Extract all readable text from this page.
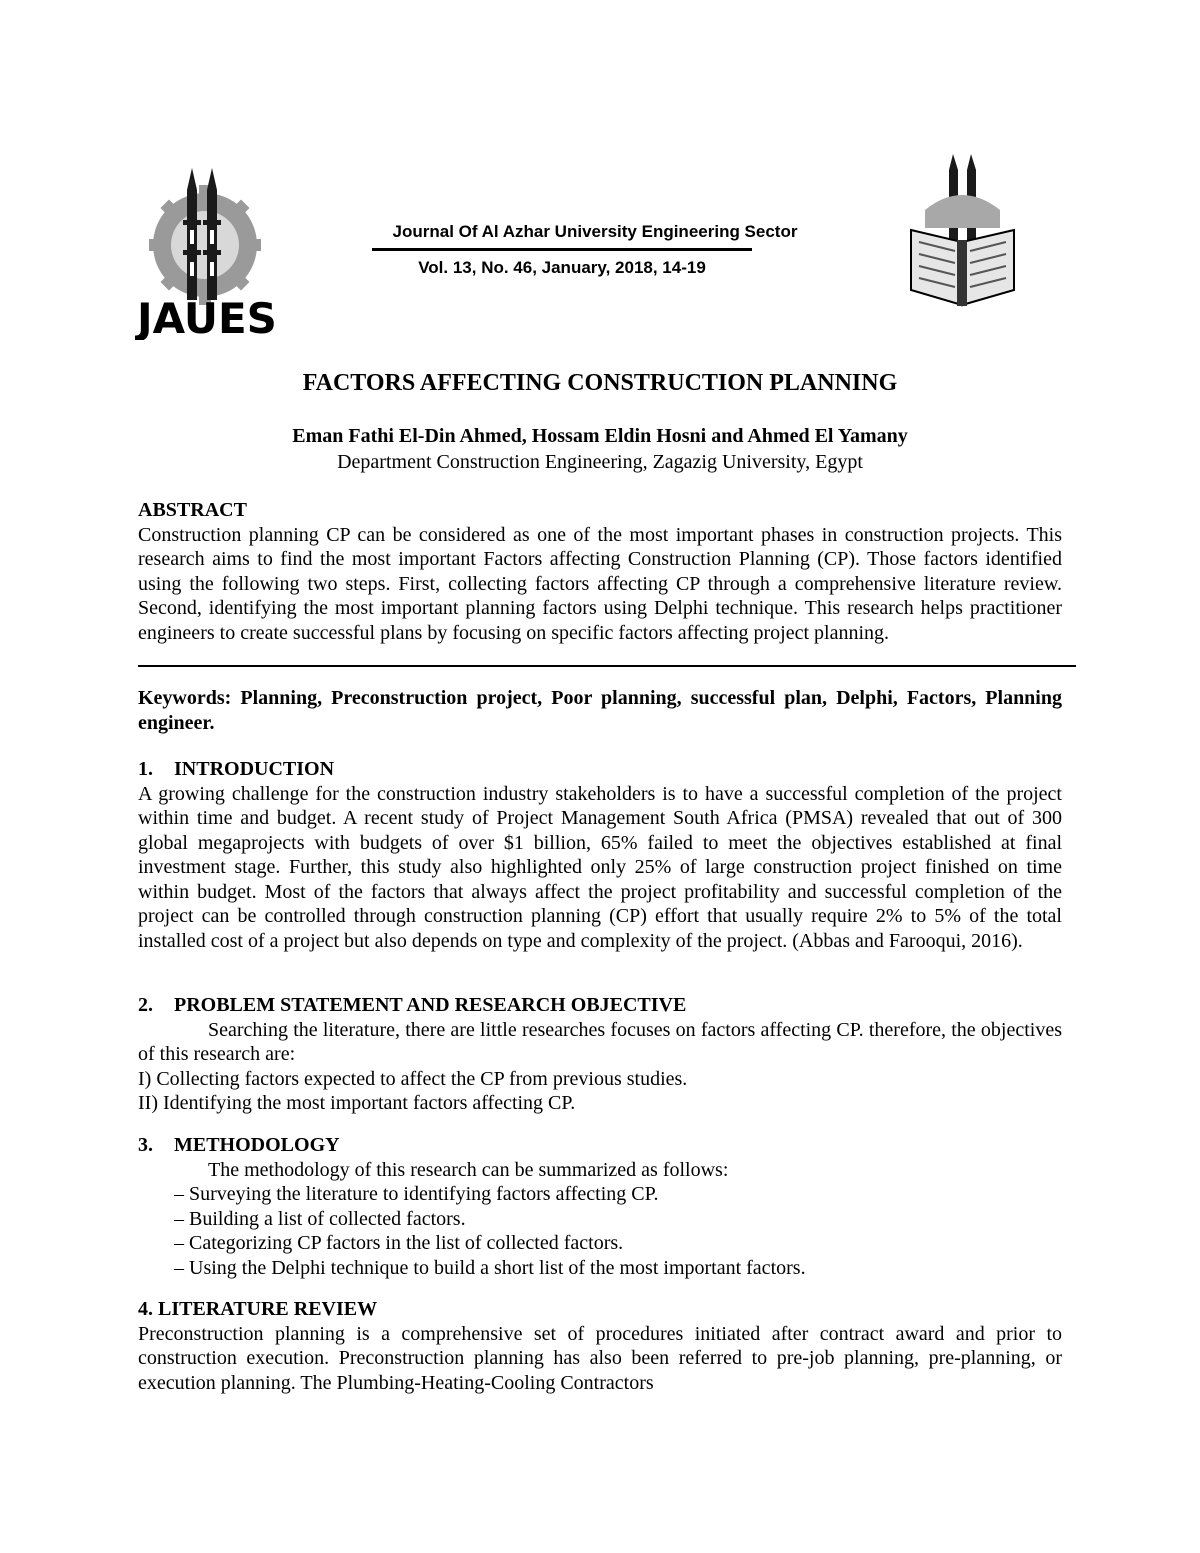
JAUES
Journal Of Al Azhar University Engineering Sector
Vol. 13, No. 46, January, 2018, 14-19
FACTORS AFFECTING CONSTRUCTION PLANNING
Eman Fathi El-Din Ahmed, Hossam Eldin Hosni and Ahmed El Yamany
Department Construction Engineering, Zagazig University, Egypt
ABSTRACT

Construction planning CP can be considered as one of the most important phases in construction projects. This research aims to find the most important Factors affecting Construction Planning (CP). Those factors identified using the following two steps. First, collecting factors affecting CP through a comprehensive literature review. Second, identifying the most important planning factors using Delphi technique. This research helps practitioner engineers to create successful plans by focusing on specific factors affecting project planning.

Keywords: Planning, Preconstruction project, Poor planning, successful plan, Delphi, Factors, Planning engineer.
1. INTRODUCTION

A growing challenge for the construction industry stakeholders is to have a successful completion of the project within time and budget. A recent study of Project Management South Africa (PMSA) revealed that out of 300 global megaprojects with budgets of over $1 billion, 65% failed to meet the objectives established at final investment stage. Further, this study also highlighted only 25% of large construction project finished on time within budget. Most of the factors that always affect the project profitability and successful completion of the project can be controlled through construction planning (CP) effort that usually require 2% to 5% of the total installed cost of a project but also depends on type and complexity of the project. (Abbas and Farooqui, 2016).

2. PROBLEM STATEMENT AND RESEARCH OBJECTIVE

Searching the literature, there are little researches focuses on factors affecting CP. therefore, the objectives of this research are:

I) Collecting factors expected to affect the CP from previous studies.

II) Identifying the most important factors affecting CP.

3. METHODOLOGY

The methodology of this research can be summarized as follows:

– Surveying the literature to identifying factors affecting CP.

– Building a list of collected factors.

– Categorizing CP factors in the list of collected factors.

– Using the Delphi technique to build a short list of the most important factors.

4. LITERATURE REVIEW

Preconstruction planning is a comprehensive set of procedures initiated after contract award and prior to construction execution. Preconstruction planning has also been referred to pre-job planning, pre-planning, or execution planning. The Plumbing-Heating-Cooling Contractors
